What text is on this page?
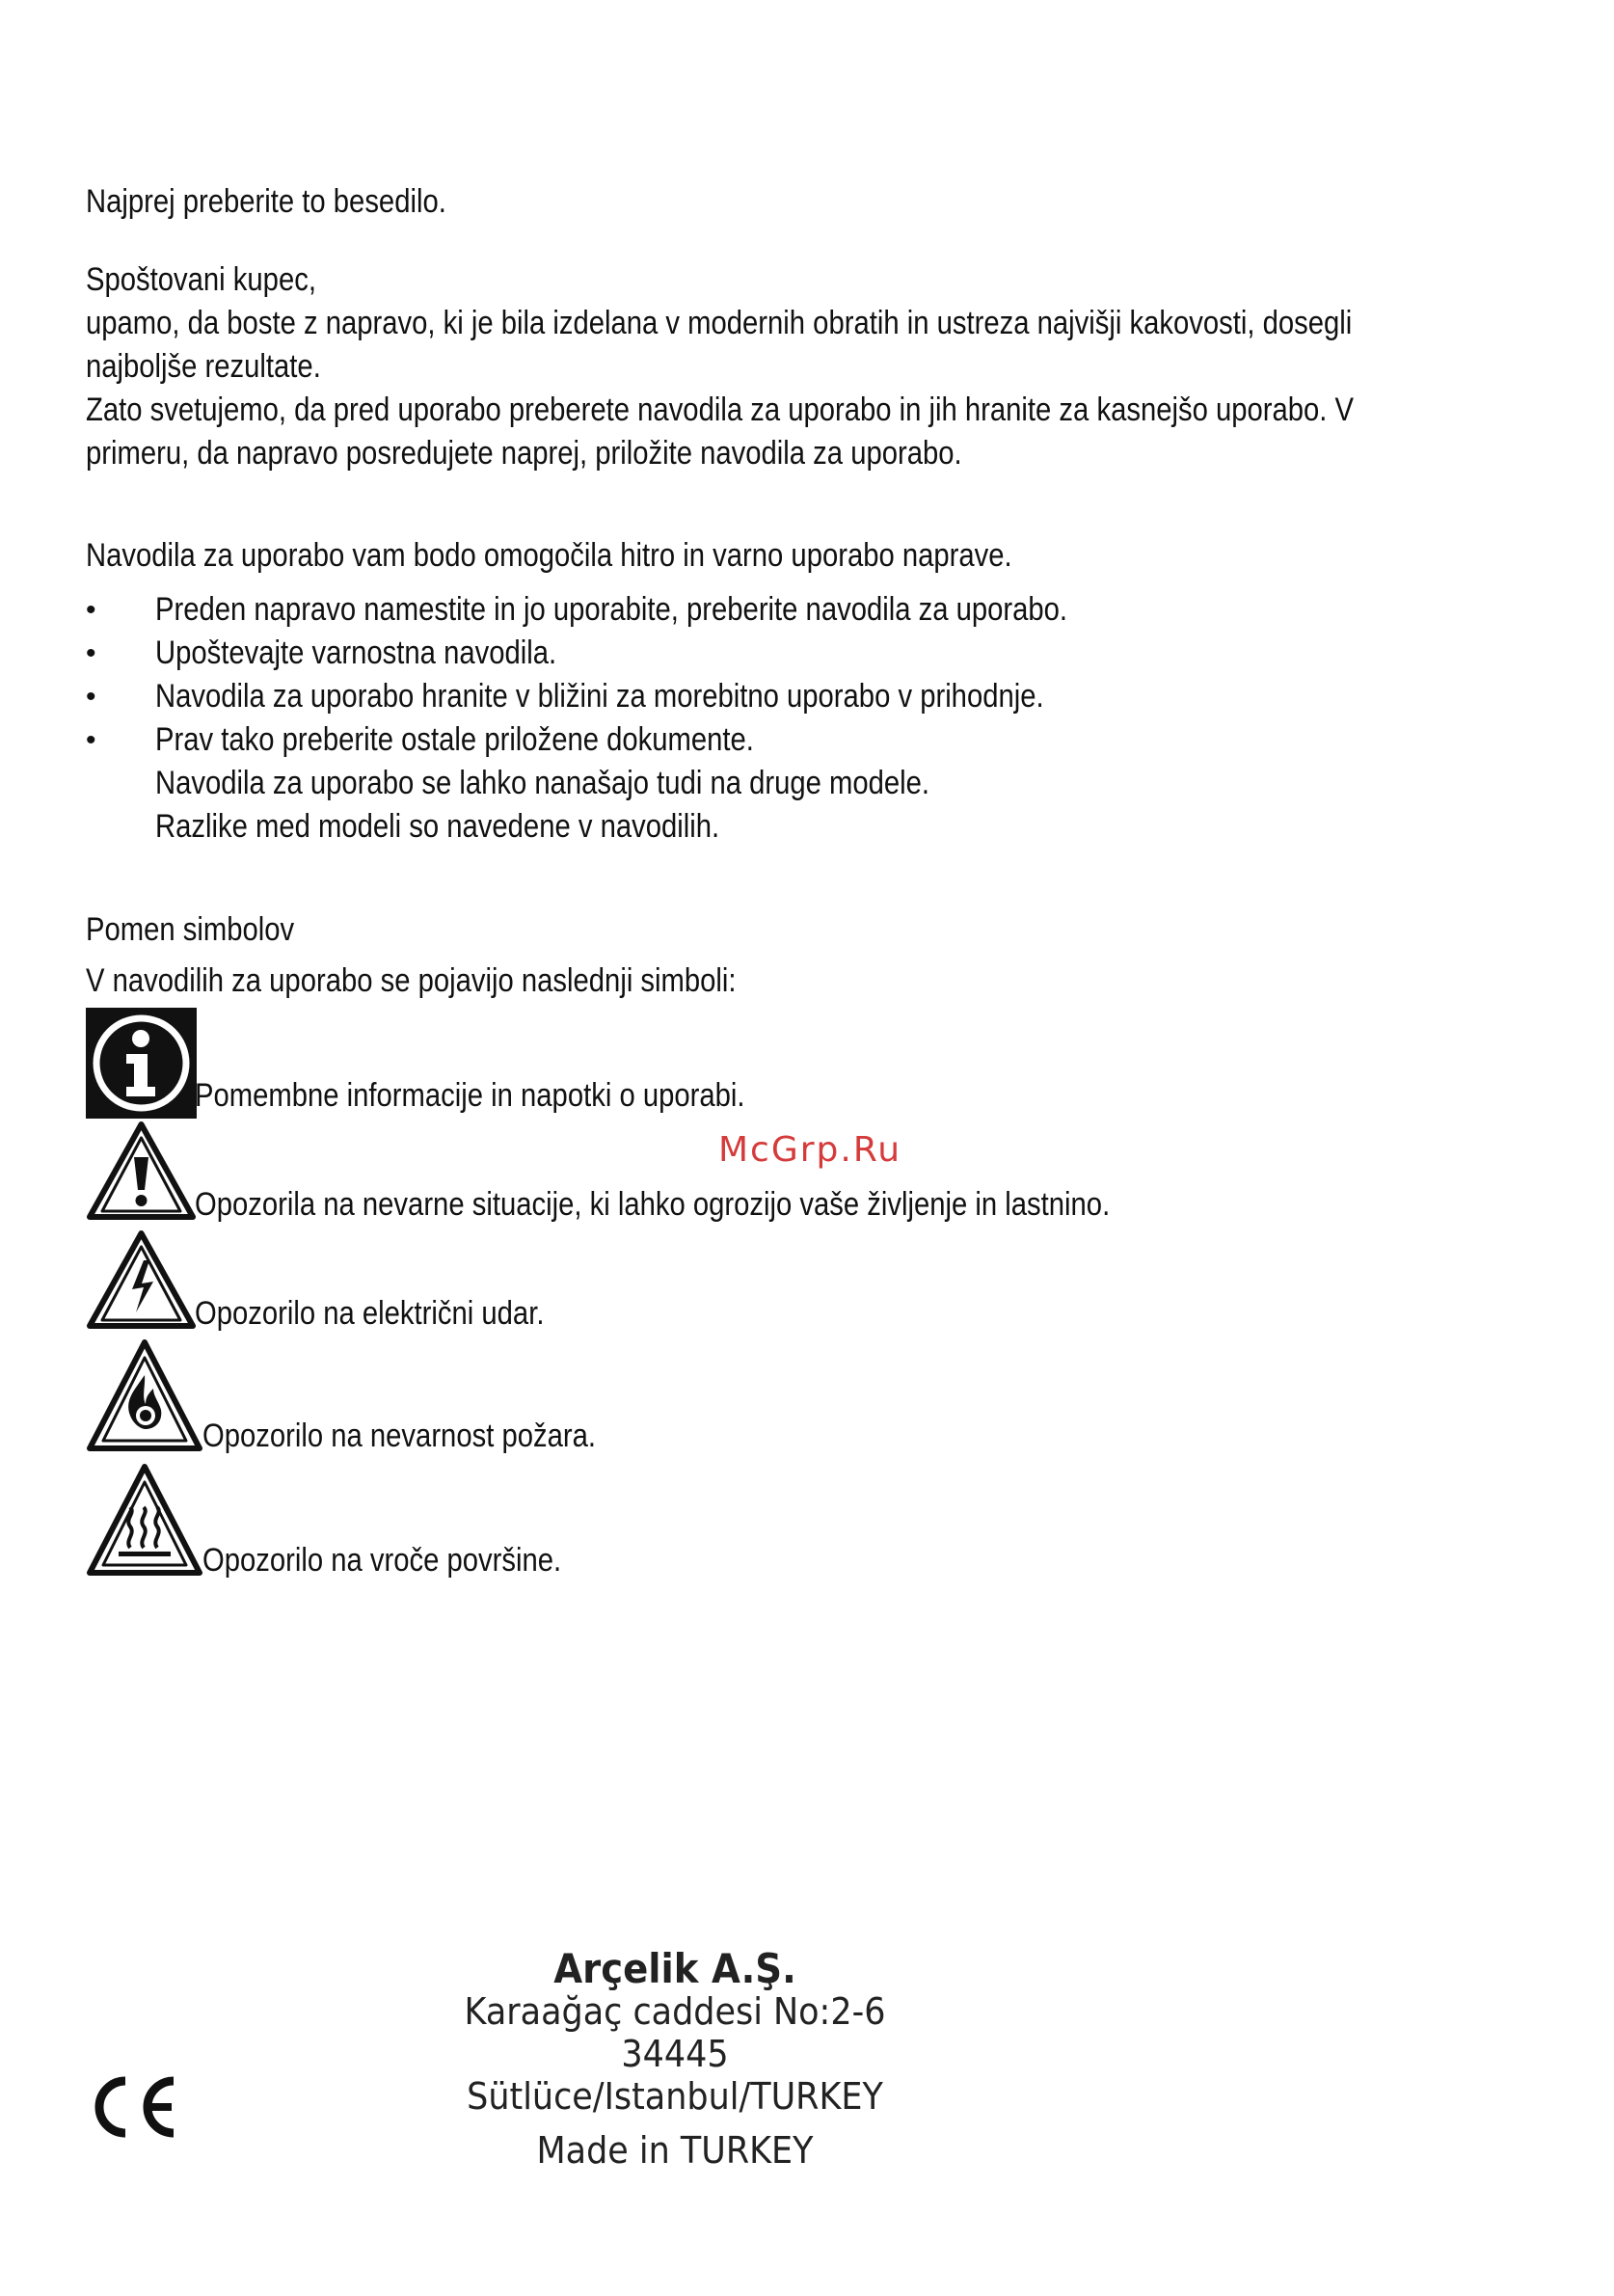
Najprej preberite to besedilo.
Spoštovani kupec,
upamo, da boste z napravo, ki je bila izdelana v modernih obratih in ustreza najvišji kakovosti, dosegli
najboljše rezultate.
Zato svetujemo, da pred uporabo preberete navodila za uporabo in jih hranite za kasnejšo uporabo. V
primeru, da napravo posredujete naprej, priložite navodila za uporabo.
Navodila za uporabo vam bodo omogočila hitro in varno uporabo naprave.
• Preden napravo namestite in jo uporabite, preberite navodila za uporabo.
• Upoštevajte varnostna navodila.
• Navodila za uporabo hranite v bližini za morebitno uporabo v prihodnje.
• Prav tako preberite ostale priložene dokumente.
Navodila za uporabo se lahko nanašajo tudi na druge modele.
Razlike med modeli so navedene v navodilih.
Pomen simbolov

V navodilih za uporabo se pojavijo naslednji simboli:

Pomembne informacije in napotki o uporabi.
Opozorila na nevarne situacije, ki lahko ogrozijo vaše življenje in lastnino.
Opozorilo na električni udar.
Opozorilo na nevarnost požara.
Opozorilo na vroče površine.
McGrp.Ru
Arçelik A.Ş.
Karaağaç caddesi No:2-6
34445 Sütlüce/Istanbul/TURKEY
Made in TURKEY
